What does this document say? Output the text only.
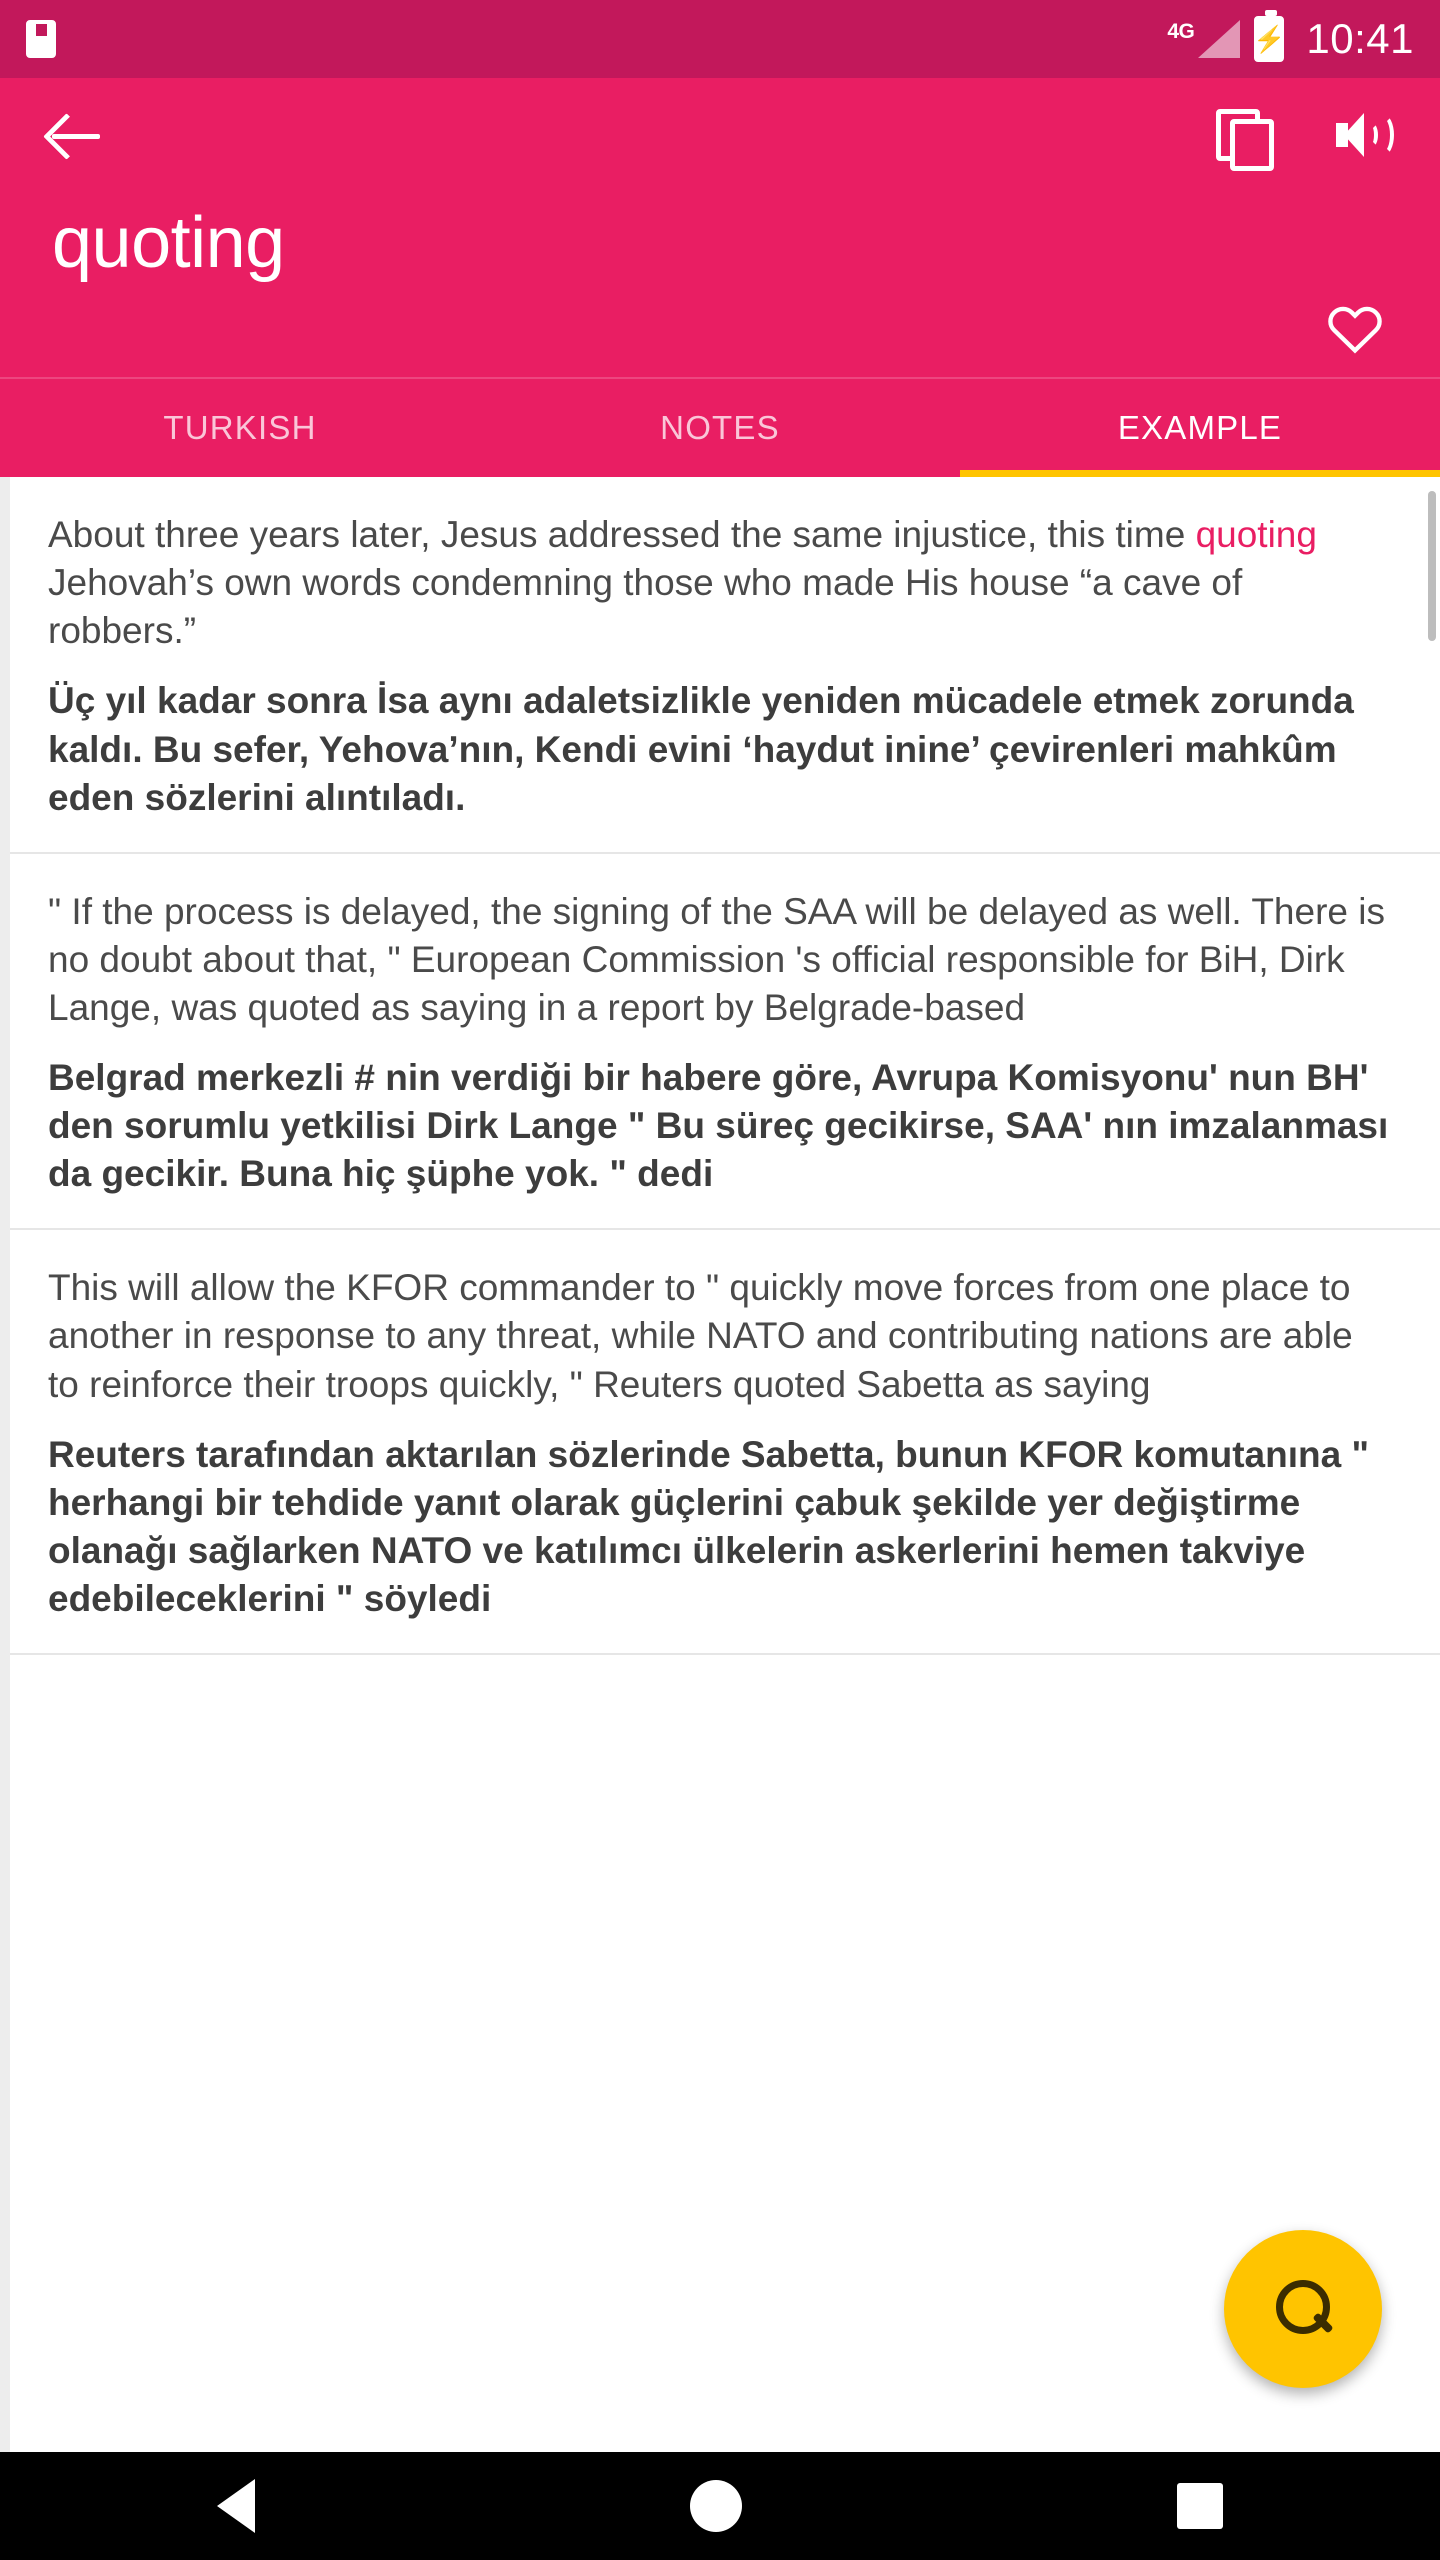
4G ⚡ 10:41
quoting
TURKISH	NOTES	EXAMPLE
About three years later, Jesus addressed the same injustice, this time quoting Jehovah’s own words condemning those who made His house “a cave of robbers.”
Üç yıl kadar sonra İsa aynı adaletsizlikle yeniden mücadele etmek zorunda kaldı. Bu sefer, Yehova’nın, Kendi evini ‘haydut inine’ çevirenleri mahkûm eden sözlerini alıntıladı.
" If the process is delayed, the signing of the SAA will be delayed as well. There is no doubt about that, " European Commission 's official responsible for BiH, Dirk Lange, was quoted as saying in a report by Belgrade-based
Belgrad merkezli # nin verdiği bir habere göre, Avrupa Komisyonu' nun BH' den sorumlu yetkilisi Dirk Lange " Bu süreç gecikirse, SAA' nın imzalanması da gecikir. Buna hiç şüphe yok. " dedi
This will allow the KFOR commander to " quickly move forces from one place to another in response to any threat, while NATO and contributing nations are able to reinforce their troops quickly, " Reuters quoted Sabetta as saying
Reuters tarafından aktarılan sözlerinde Sabetta, bunun KFOR komutanına " herhangi bir tehdide yanıt olarak güçlerini çabuk şekilde yer değiştirme olanağı sağlarken NATO ve katılımcı ülkelerin askerlerini hemen takviye edebileceklerini " söyledi
